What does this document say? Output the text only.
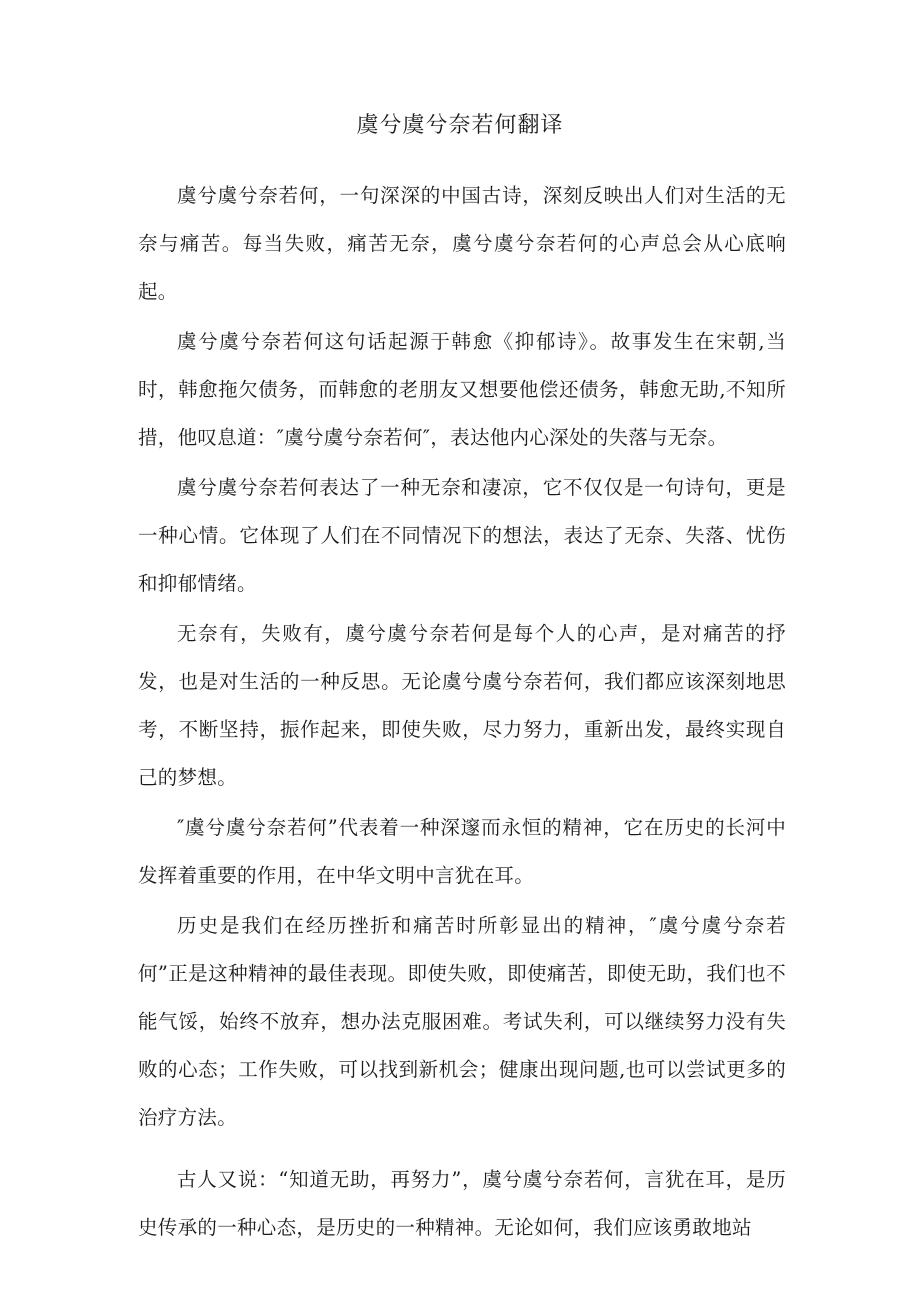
虞兮虞兮奈若何翻译

虞兮虞兮奈若何，一句深深的中国古诗，深刻反映出人们对生活的无奈与痛苦。每当失败，痛苦无奈，虞兮虞兮奈若何的心声总会从心底响起。

虞兮虞兮奈若何这句话起源于韩愈《抑郁诗》。故事发生在宋朝,当时，韩愈拖欠债务，而韩愈的老朋友又想要他偿还债务，韩愈无助,不知所措，他叹息道：″虞兮虞兮奈若何″，表达他内心深处的失落与无奈。

虞兮虞兮奈若何表达了一种无奈和凄凉，它不仅仅是一句诗句，更是一种心情。它体现了人们在不同情况下的想法，表达了无奈、失落、忧伤和抑郁情绪。

无奈有，失败有，虞兮虞兮奈若何是每个人的心声，是对痛苦的抒发，也是对生活的一种反思。无论虞兮虞兮奈若何，我们都应该深刻地思考，不断坚持，振作起来，即使失败，尽力努力，重新出发，最终实现自己的梦想。

″虞兮虞兮奈若何”代表着一种深邃而永恒的精神，它在历史的长河中发挥着重要的作用，在中华文明中言犹在耳。

历史是我们在经历挫折和痛苦时所彰显出的精神，″虞兮虞兮奈若何”正是这种精神的最佳表现。即使失败，即使痛苦，即使无助，我们也不能气馁，始终不放弃，想办法克服困难。考试失利，可以继续努力没有失败的心态；工作失败，可以找到新机会；健康出现问题,也可以尝试更多的治疗方法。

古人又说：“知道无助，再努力”，虞兮虞兮奈若何，言犹在耳，是历史传承的一种心态，是历史的一种精神。无论如何，我们应该勇敢地站
